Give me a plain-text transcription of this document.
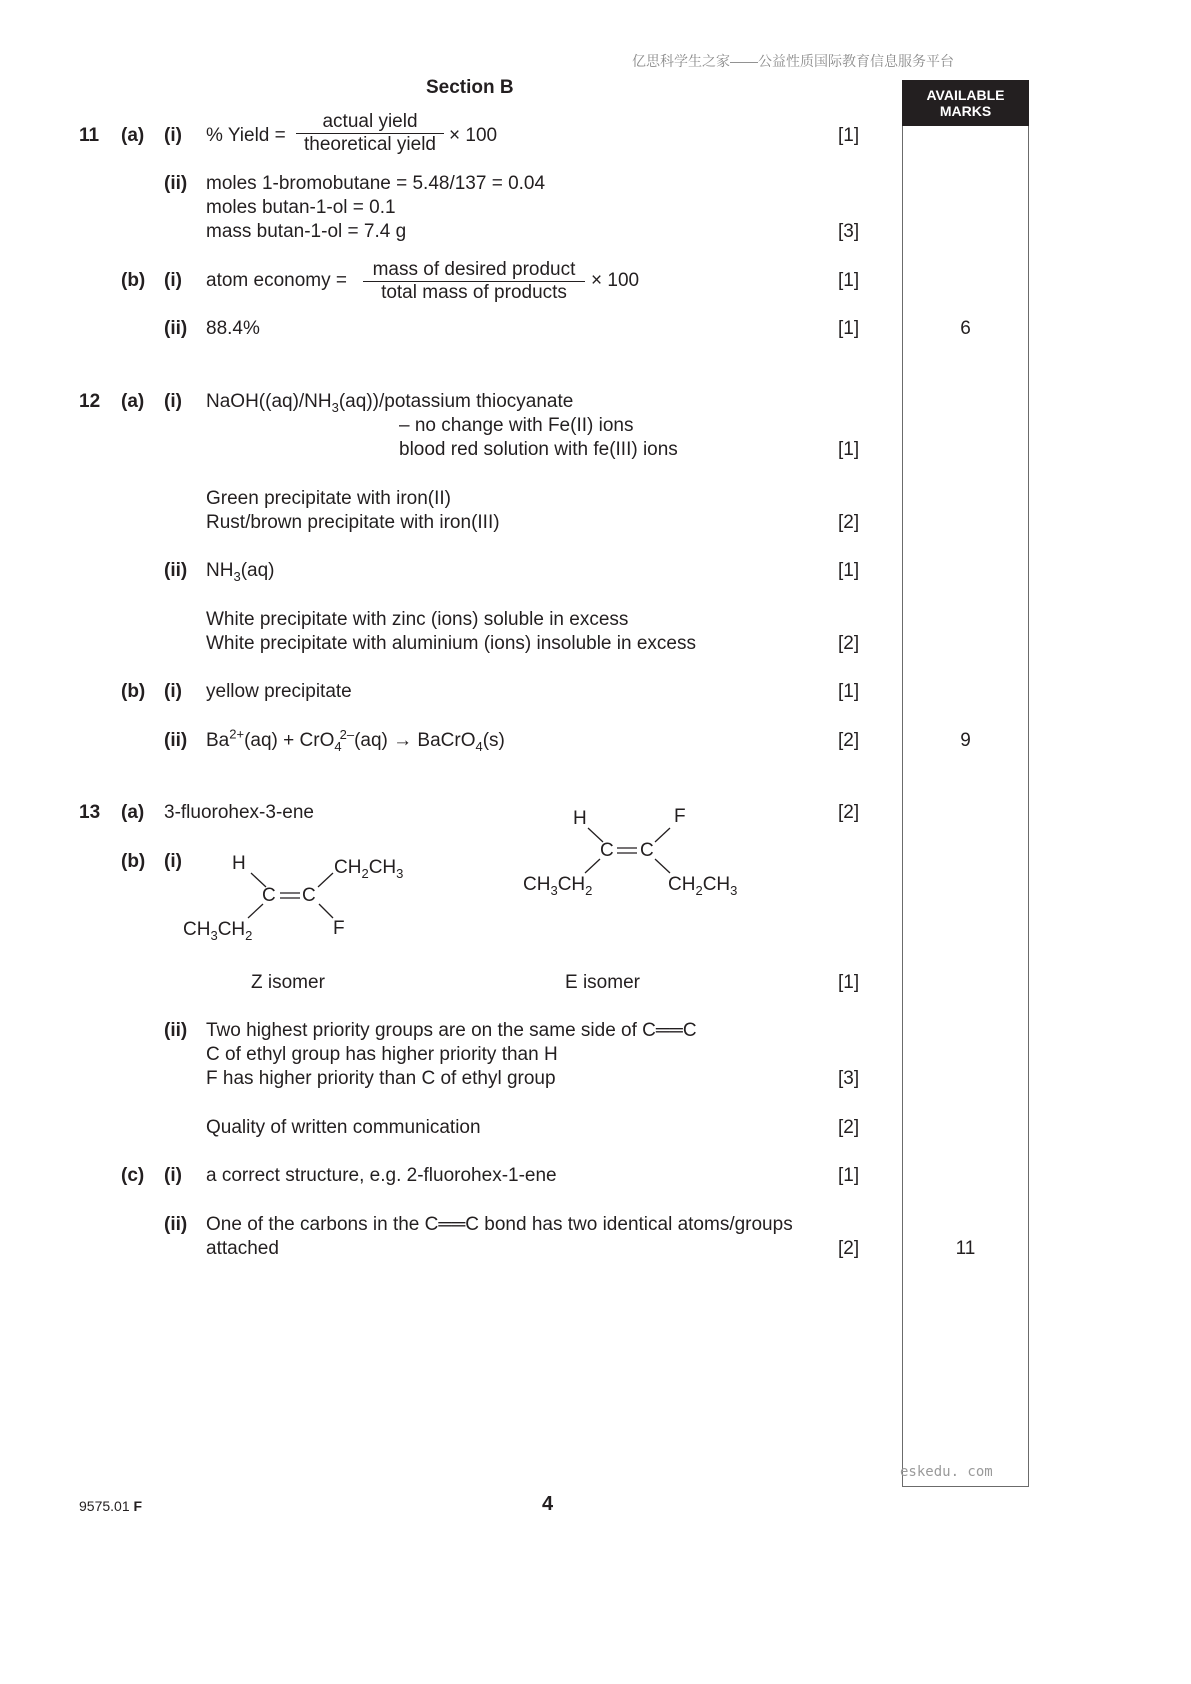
亿思科学生之家——公益性质国际教育信息服务平台
Section B	AVAILABLE MARKS
11 (a) (i) % Yield =
actual yield
theoretical yield × 100	[1]
(ii) moles 1-bromobutane = 5.48/137 = 0.04
moles butan-1-ol = 0.1
mass butan-1-ol = 7.4 g	[3]
(b) (i) atom economy =
mass of desired product
total mass of products
× 100	[1]
(ii) 88.4%	[1]	6
12 (a) (i) $NaOH((aq)/NH_3(aq))$/potassium thiocyanate
– no change with Fe(II) ions
blood red solution with fe(III) ions	[1]
Green precipitate with iron(II)
Rust/brown precipitate with iron(III)	[2]
(ii) $NH_3(aq)$	[1]
White precipitate with zinc (ions) soluble in excess
White precipitate with aluminium (ions) insoluble in excess	[2]
(b) (i) yellow precipitate	[1]
(ii) $Ba^{2+}(aq) + CrO_4^{2-}(aq)$ → BaCrO$_4$(s)	[2]	9
13 (a) 3-fluorohex-3-ene	[2]
(b) (i)	H	$CH_2CH_3$
C C
$CH_3CH_2$	F
Z isomer
H	F
C C
$CH_3CH_2$	$CH_2CH_3$
E isomer	[1]
(ii) Two highest priority groups are on the same side of C══C
C of ethyl group has higher priority than H
F has higher priority than C of ethyl group	[3]
Quality of written communication	[2]
(c) (i) a correct structure, e.g. 2-fluorohex-1-ene	[1]
(ii) One of the carbons in the C══C bond has two identical atoms/groups
attached	[2]	11
eskedu. com
9575.01 F	4
